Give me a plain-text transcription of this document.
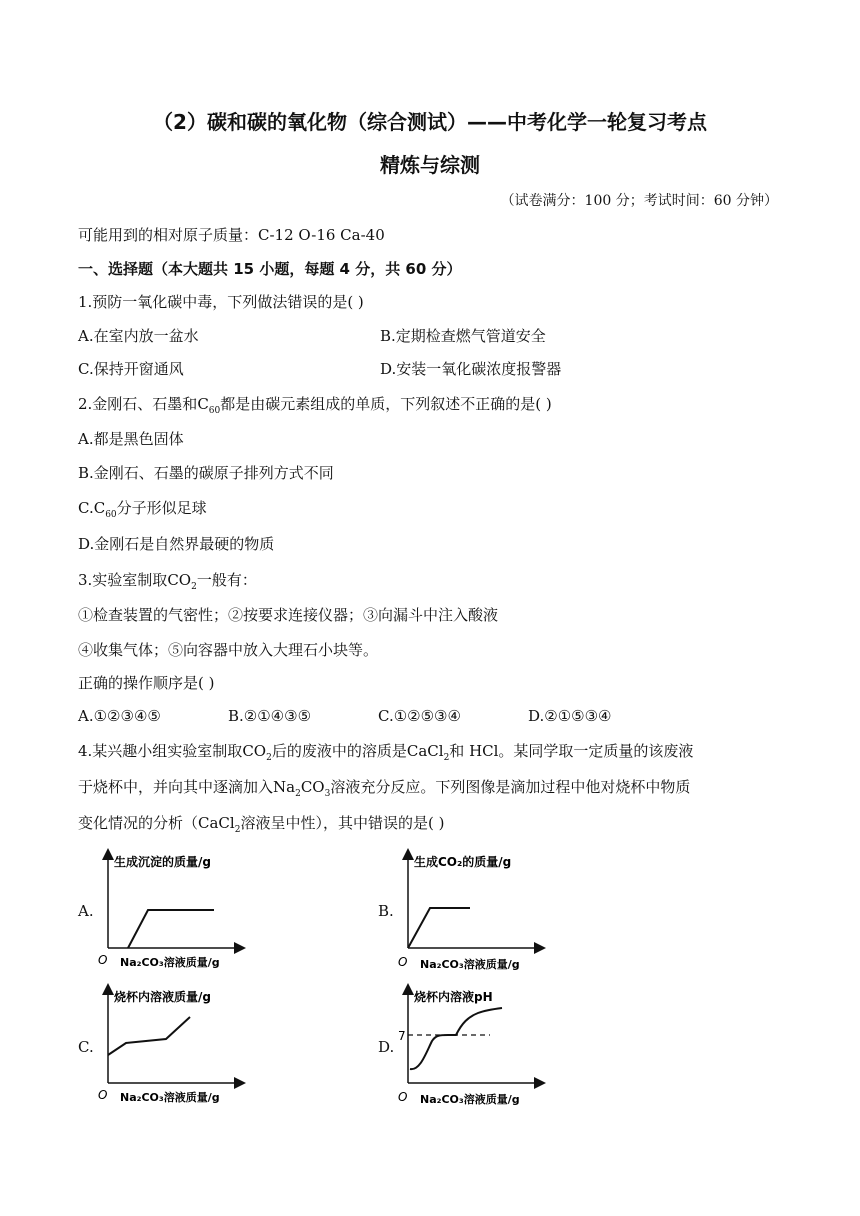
（2）碳和碳的氧化物（综合测试）——中考化学一轮复习考点
精炼与综测
（试卷满分：100 分；考试时间：60 分钟）
可能用到的相对原子质量：C-12 O-16 Ca-40
一、选择题（本大题共 15 小题，每题 4 分，共 60 分）
1.预防一氧化碳中毒，下列做法错误的是( )
A.在室内放一盆水	B.定期检查燃气管道安全
C.保持开窗通风	D.安装一氧化碳浓度报警器
2.金刚石、石墨和$C_{60}$都是由碳元素组成的单质，下列叙述不正确的是( )
A.都是黑色固体
B.金刚石、石墨的碳原子排列方式不同
$C.C_{60}$分子形似足球
D.金刚石是自然界最硬的物质
3.实验室制取$CO_2$一般有：
①检查装置的气密性；②按要求连接仪器；③向漏斗中注入酸液
④收集气体；⑤向容器中放入大理石小块等。
正确的操作顺序是( )
A.①②③④⑤	B.②①④③⑤	C.①②⑤③④	D.②①⑤③④
4.某兴趣小组实验室制取$CO_2$后的废液中的溶质是CaCl$_2$和 HCl。某同学取一定质量的该废液
于烧杯中，并向其中逐滴加入$Na_2CO_3$溶液充分反应。下列图像是滴加过程中他对烧杯中物质
变化情况的分析（CaCl$_2$溶液呈中性），其中错误的是( )
A.
生成沉淀的质量/g
O Na₂CO₃溶液质量/g
B.
生成CO₂的质量/g
O Na₂CO₃溶液质量/g
C.
烧杯内溶液质量/g
O Na₂CO₃溶液质量/g
D.
7
烧杯内溶液pH
O Na₂CO₃溶液质量/g
